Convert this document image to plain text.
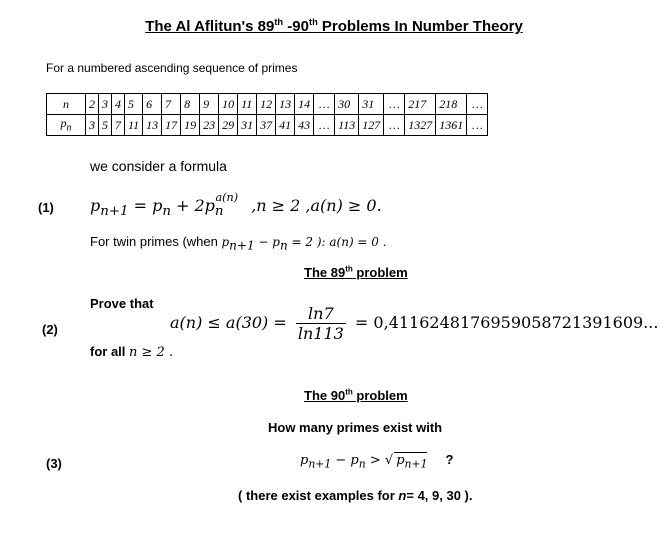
The Al Aflitun's 89th -90th Problems In Number Theory
For a numbered ascending sequence of primes
n	2	3	4	5	6	7	8	9	10	11	12	13	14	…	30	31	…	217	218	…
$p_n$	3	5	7	11	13	17	19	23	29	31	37	41	43	…	113	127	…	1327	1361	…
we consider a formula
(1) $p_{n+1} = p_n + 2p_n^{a(n)}$ ,n ≥ 2 ,a(n) ≥ 0.
For twin primes (when $p_{n+1} - p_n = 2$ ): a(n) = 0 .
The 89th problem
Prove that
(2)	$a(n) \le a(30) = \frac{\ln 7}{\ln 113}$ = 0,41162481769590587213916​09...
for all n ≥ 2 .
The 90th problem
How many primes exist with
(3)	$p_{n+1} - p_n$ > √ $p_{n+1}$ ?
( there exist examples for n= 4, 9, 30 ).
